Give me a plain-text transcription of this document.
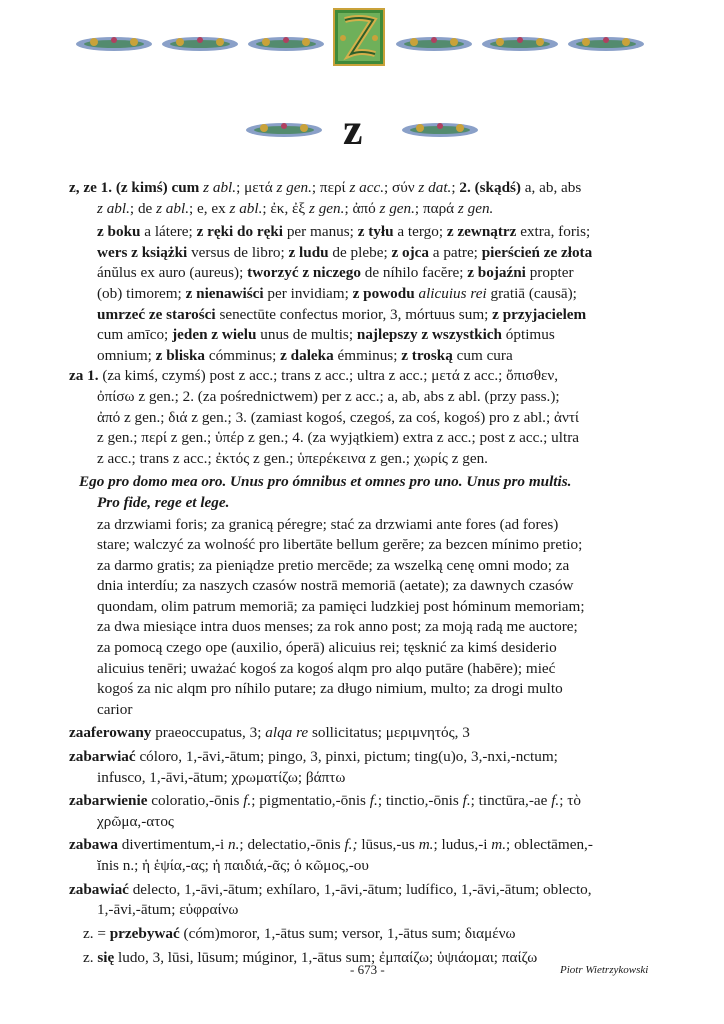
z
z, ze 1. (z kimś) cum z abl.; μετά z gen.; περί z acc.; σύν z dat.; 2. (skądś) a, ab, abs
z abl.; de z abl.; e, ex z abl.; ἐκ, ἐξ z gen.; ἀπό z gen.; παρά z gen.
z boku a látere; z ręki do ręki per manus; z tyłu a tergo; z zewnątrz extra, foris;
wers z książki versus de libro; z ludu de plebe; z ojca a patre; pierścień ze złota
ánŭlus ex auro (aureus); tworzyć z niczego de níhilo facĕre; z bojaźni propter
(ob) timorem; z nienawiści per invidiam; z powodu alicuius rei gratiā (causā);
umrzeć ze starości senectūte confectus morior, 3, mórtuus sum; z przyjacielem
cum amīco; jeden z wielu unus de multis; najlepszy z wszystkich óptimus
omnium; z bliska cómminus; z daleka émminus; z troską cum cura
za 1. (za kimś, czymś) post z acc.; trans z acc.; ultra z acc.; μετά z acc.; ὄπισθεν,
ὀπίσω z gen.; 2. (za pośrednictwem) per z acc.; a, ab, abs z abl. (przy pass.);
ἀπό z gen.; διά z gen.; 3. (zamiast kogoś, czegoś, za coś, kogoś) pro z abl.; ἀντί
z gen.; περί z gen.; ὑπέρ z gen.; 4. (za wyjątkiem) extra z acc.; post z acc.; ultra
z acc.; trans z acc.; ἐκτός z gen.; ὑπερέκεινα z gen.; χωρίς z gen.
Ego pro domo mea oro. Unus pro ómnibus et omnes pro uno. Unus pro multis.
Pro fide, rege et lege.
za drzwiami foris; za granicą péregre; stać za drzwiami ante fores (ad fores)
stare; walczyć za wolność pro libertāte bellum gerĕre; za bezcen mínimo pretio;
za darmo gratis; za pieniądze pretio mercēde; za wszelką cenę omni modo; za
dnia interdíu; za naszych czasów nostrā memoriā (aetate); za dawnych czasów
quondam, olim patrum memoriā; za pamięci ludzkiej post hóminum memoriam;
za dwa miesiące intra duos menses; za rok anno post; za moją radą me auctore;
za pomocą czego ope (auxilio, óperā) alicuius rei; tęsknić za kimś desiderio
alicuius tenēri; uważać kogoś za kogoś alqm pro alqo putāre (habēre); mieć
kogoś za nic alqm pro níhilo putare; za długo nimium, multo; za drogi multo
carior
zaaferowany praeoccupatus, 3; alqa re sollicitatus; μεριμνητός, 3
zabarwiać cóloro, 1,-āvi,-ātum; pingo, 3, pinxi, pictum; ting(u)o, 3,-nxi,-nctum;
infusco, 1,-āvi,-ātum; χρωματίζω; βάπτω
zabarwienie coloratio,-ōnis f.; pigmentatio,-ōnis f.; tinctio,-ōnis f.; tinctūra,-ae f.; τὸ
χρῶμα,-ατος
zabawa divertimentum,-i n.; delectatio,-ōnis f.; lūsus,-us m.; ludus,-i m.; oblectāmen,-
ĭnis n.; ἡ ἑψία,-ας; ἡ παιδιά,-ᾶς; ὁ κῶμος,-ου
zabawiać delecto, 1,-āvi,-ātum; exhílaro, 1,-āvi,-ātum; ludífico, 1,-āvi,-ātum; oblecto,
1,-āvi,-ātum; εὐφραίνω
z. = przebywać (cóm)moror, 1,-ātus sum; versor, 1,-ātus sum; διαμένω
z. się ludo, 3, lūsi, lūsum; múginor, 1,-ātus sum; ἐμπαίζω; ὑψιάομαι; παίζω
- 673 -	Piotr Wietrzykowski
